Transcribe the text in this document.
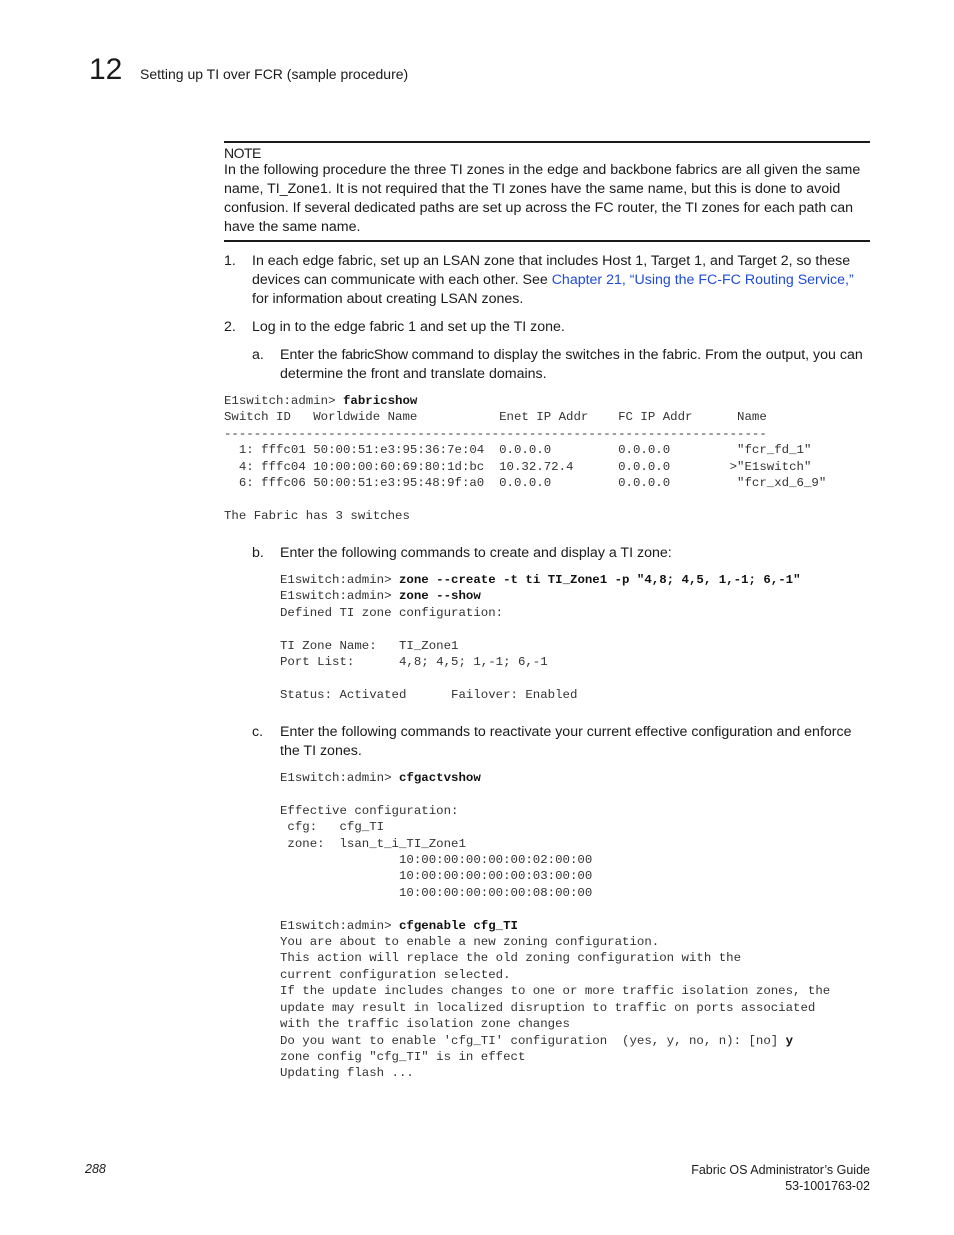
12 Setting up TI over FCR (sample procedure)
NOTE
In the following procedure the three TI zones in the edge and backbone fabrics are all given the same name, TI_Zone1. It is not required that the TI zones have the same name, but this is done to avoid confusion. If several dedicated paths are set up across the FC router, the TI zones for each path can have the same name.
1. In each edge fabric, set up an LSAN zone that includes Host 1, Target 1, and Target 2, so these devices can communicate with each other. See Chapter 21, “Using the FC-FC Routing Service,” for information about creating LSAN zones.
2. Log in to the edge fabric 1 and set up the TI zone.
a. Enter the fabricShow command to display the switches in the fabric. From the output, you can determine the front and translate domains.
E1switch:admin> fabricshow
Switch ID   Worldwide Name           Enet IP Addr    FC IP Addr      Name
-------------------------------------------------------------------------
1: fffc01 50:00:51:e3:95:36:7e:04  0.0.0.0         0.0.0.0         "fcr_fd_1"
4: fffc04 10:00:00:60:69:80:1d:bc  10.32.72.4      0.0.0.0        >"E1switch"
6: fffc06 50:00:51:e3:95:48:9f:a0  0.0.0.0         0.0.0.0         "fcr_xd_6_9"

The Fabric has 3 switches
b. Enter the following commands to create and display a TI zone:
E1switch:admin> zone --create -t ti TI_Zone1 -p "4,8; 4,5, 1,-1; 6,-1"
E1switch:admin> zone --show
Defined TI zone configuration:

TI Zone Name:   TI_Zone1
Port List:      4,8; 4,5; 1,-1; 6,-1

Status: Activated      Failover: Enabled
c. Enter the following commands to reactivate your current effective configuration and enforce the TI zones.
E1switch:admin> cfgactvshow

Effective configuration:
cfg:   cfg_TI
zone:  lsan_t_i_TI_Zone1
10:00:00:00:00:00:02:00:00
10:00:00:00:00:00:03:00:00
10:00:00:00:00:00:08:00:00

E1switch:admin> cfgenable cfg_TI
You are about to enable a new zoning configuration.
This action will replace the old zoning configuration with the
current configuration selected.
If the update includes changes to one or more traffic isolation zones, the
update may result in localized disruption to traffic on ports associated
with the traffic isolation zone changes
Do you want to enable 'cfg_TI' configuration  (yes, y, no, n): [no] y
zone config "cfg_TI" is in effect
Updating flash ...
288	Fabric OS Administrator’s Guide
53-1001763-02
